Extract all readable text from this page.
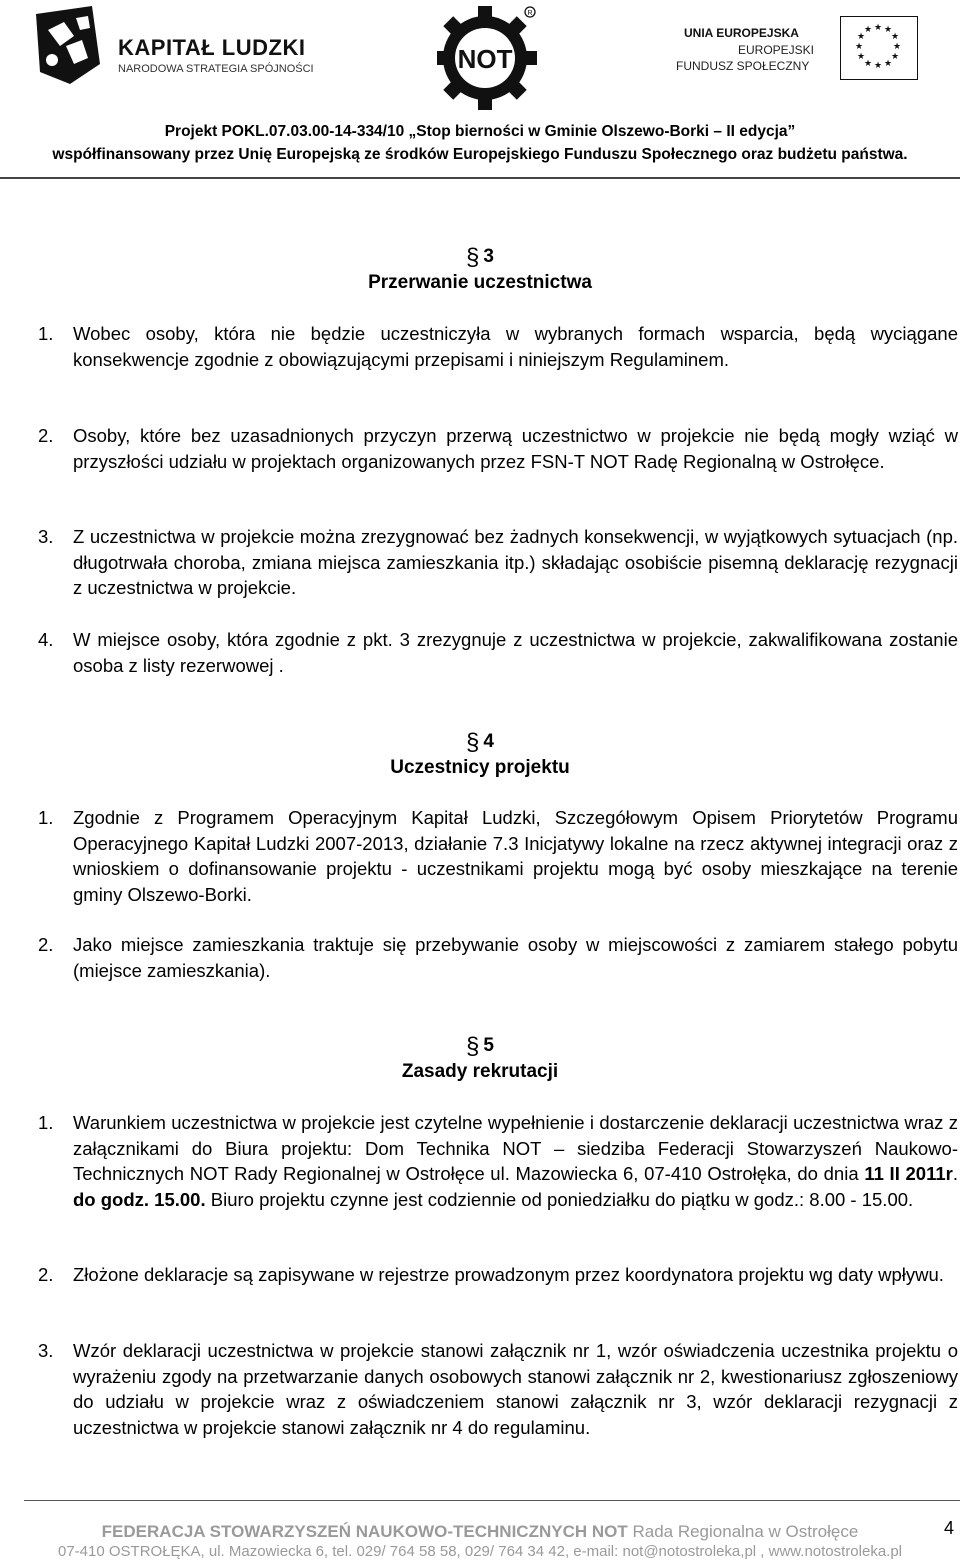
KAPITAŁ LUDZKI
NARODOWA STRATEGIA SPÓJNOŚCI	NOT
R
UNIA EUROPEJSKA
EUROPEJSKI
FUNDUSZ SPOŁECZNY
★ ★
★
★
★
★
★
★
★
★
★
★
Projekt POKL.07.03.00-14-334/10 „Stop bierności w Gminie Olszewo-Borki – II edycja”
współfinansowany przez Unię Europejską ze środków Europejskiego Funduszu Społecznego oraz budżetu państwa.
§ 3
Przerwanie uczestnictwa
1. Wobec osoby, która nie będzie uczestniczyła w wybranych formach wsparcia, będą wyciągane konsekwencje zgodnie z obowiązującymi przepisami i niniejszym Regulaminem.
2. Osoby, które bez uzasadnionych przyczyn przerwą uczestnictwo w projekcie nie będą mogły wziąć w przyszłości udziału w projektach organizowanych przez FSN-T NOT Radę Regionalną w Ostrołęce.
3. Z uczestnictwa w projekcie można zrezygnować bez żadnych konsekwencji, w wyjątkowych sytuacjach (np. długotrwała choroba, zmiana miejsca zamieszkania itp.) składając osobiście pisemną deklarację rezygnacji z uczestnictwa w projekcie.
4. W miejsce osoby, która zgodnie z pkt. 3 zrezygnuje z uczestnictwa w projekcie, zakwalifikowana zostanie osoba z listy rezerwowej .
§ 4
Uczestnicy projektu
1. Zgodnie z Programem Operacyjnym Kapitał Ludzki, Szczegółowym Opisem Priorytetów Programu Operacyjnego Kapitał Ludzki 2007-2013, działanie 7.3 Inicjatywy lokalne na rzecz aktywnej integracji oraz z wnioskiem o dofinansowanie projektu - uczestnikami projektu mogą być osoby mieszkające na terenie gminy Olszewo-Borki.
2. Jako miejsce zamieszkania traktuje się przebywanie osoby w miejscowości z zamiarem stałego pobytu (miejsce zamieszkania).
§ 5
Zasady rekrutacji
1. Warunkiem uczestnictwa w projekcie jest czytelne wypełnienie i dostarczenie deklaracji uczestnictwa wraz z załącznikami do Biura projektu: Dom Technika NOT – siedziba Federacji Stowarzyszeń Naukowo-Technicznych NOT Rady Regionalnej w Ostrołęce ul. Mazowiecka 6, 07-410 Ostrołęka, do dnia 11 II 2011r. do godz. 15.00. Biuro projektu czynne jest codziennie od poniedziałku do piątku w godz.: 8.00 - 15.00.
2. Złożone deklaracje są zapisywane w rejestrze prowadzonym przez koordynatora projektu wg daty wpływu.
3. Wzór deklaracji uczestnictwa w projekcie stanowi załącznik nr 1, wzór oświadczenia uczestnika projektu o wyrażeniu zgody na przetwarzanie danych osobowych stanowi załącznik nr 2, kwestionariusz zgłoszeniowy do udziału w projekcie wraz z oświadczeniem stanowi załącznik nr 3, wzór deklaracji rezygnacji z uczestnictwa w projekcie stanowi załącznik nr 4 do regulaminu.
4
FEDERACJA STOWARZYSZEŃ NAUKOWO-TECHNICZNYCH NOT Rada Regionalna w Ostrołęce
07-410 OSTROŁĘKA, ul. Mazowiecka 6, tel. 029/ 764 58 58, 029/ 764 34 42, e-mail: not@notostroleka,pl , www.notostroleka.pl
